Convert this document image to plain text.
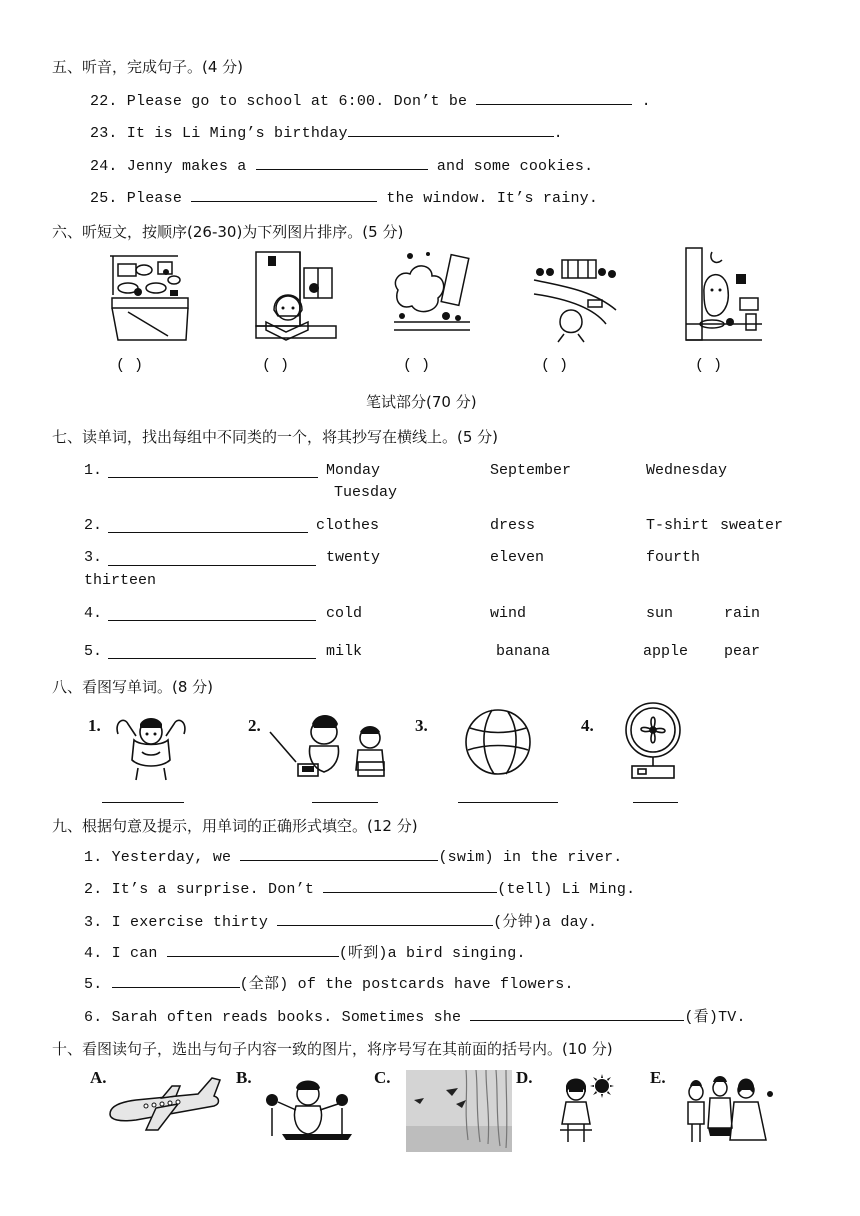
五、听音，完成句子。(4 分)
22. Please go to school at 6:00. Don’t be	.
23. It is Li Ming’s birthday	.
24. Jenny makes a	and some cookies.
25. Please	the window. It’s rainy.
六、听短文，按顺序(26-30)为下列图片排序。(5 分)
( )	( )	( )	( )	( )
笔试部分(70 分)
七、读单词，找出每组中不同类的一个，将其抄写在横线上。(5 分)
1.	Monday	September	Wednesday
Tuesday
2.	clothes	dress	T-shirt sweater
3.	twenty	eleven	fourth
thirteen
4.	cold	wind	sun	rain
5.	milk	banana	apple pear
八、看图写单词。(8 分)
1.	2.	3.	4.
九、根据句意及提示，用单词的正确形式填空。(12 分)
1. Yesterday, we	(swim) in the river.
2. It’s a surprise. Don’t	(tell) Li Ming.
3. I exercise thirty	(分钟)a day.
4. I can	(听到)a bird singing.
5.	(全部) of the postcards have flowers.
6. Sarah often reads books. Sometimes she	(看)TV.
十、看图读句子，选出与句子内容一致的图片，将序号写在其前面的括号内。(10 分)
A.	B.	C.	D.	E.
